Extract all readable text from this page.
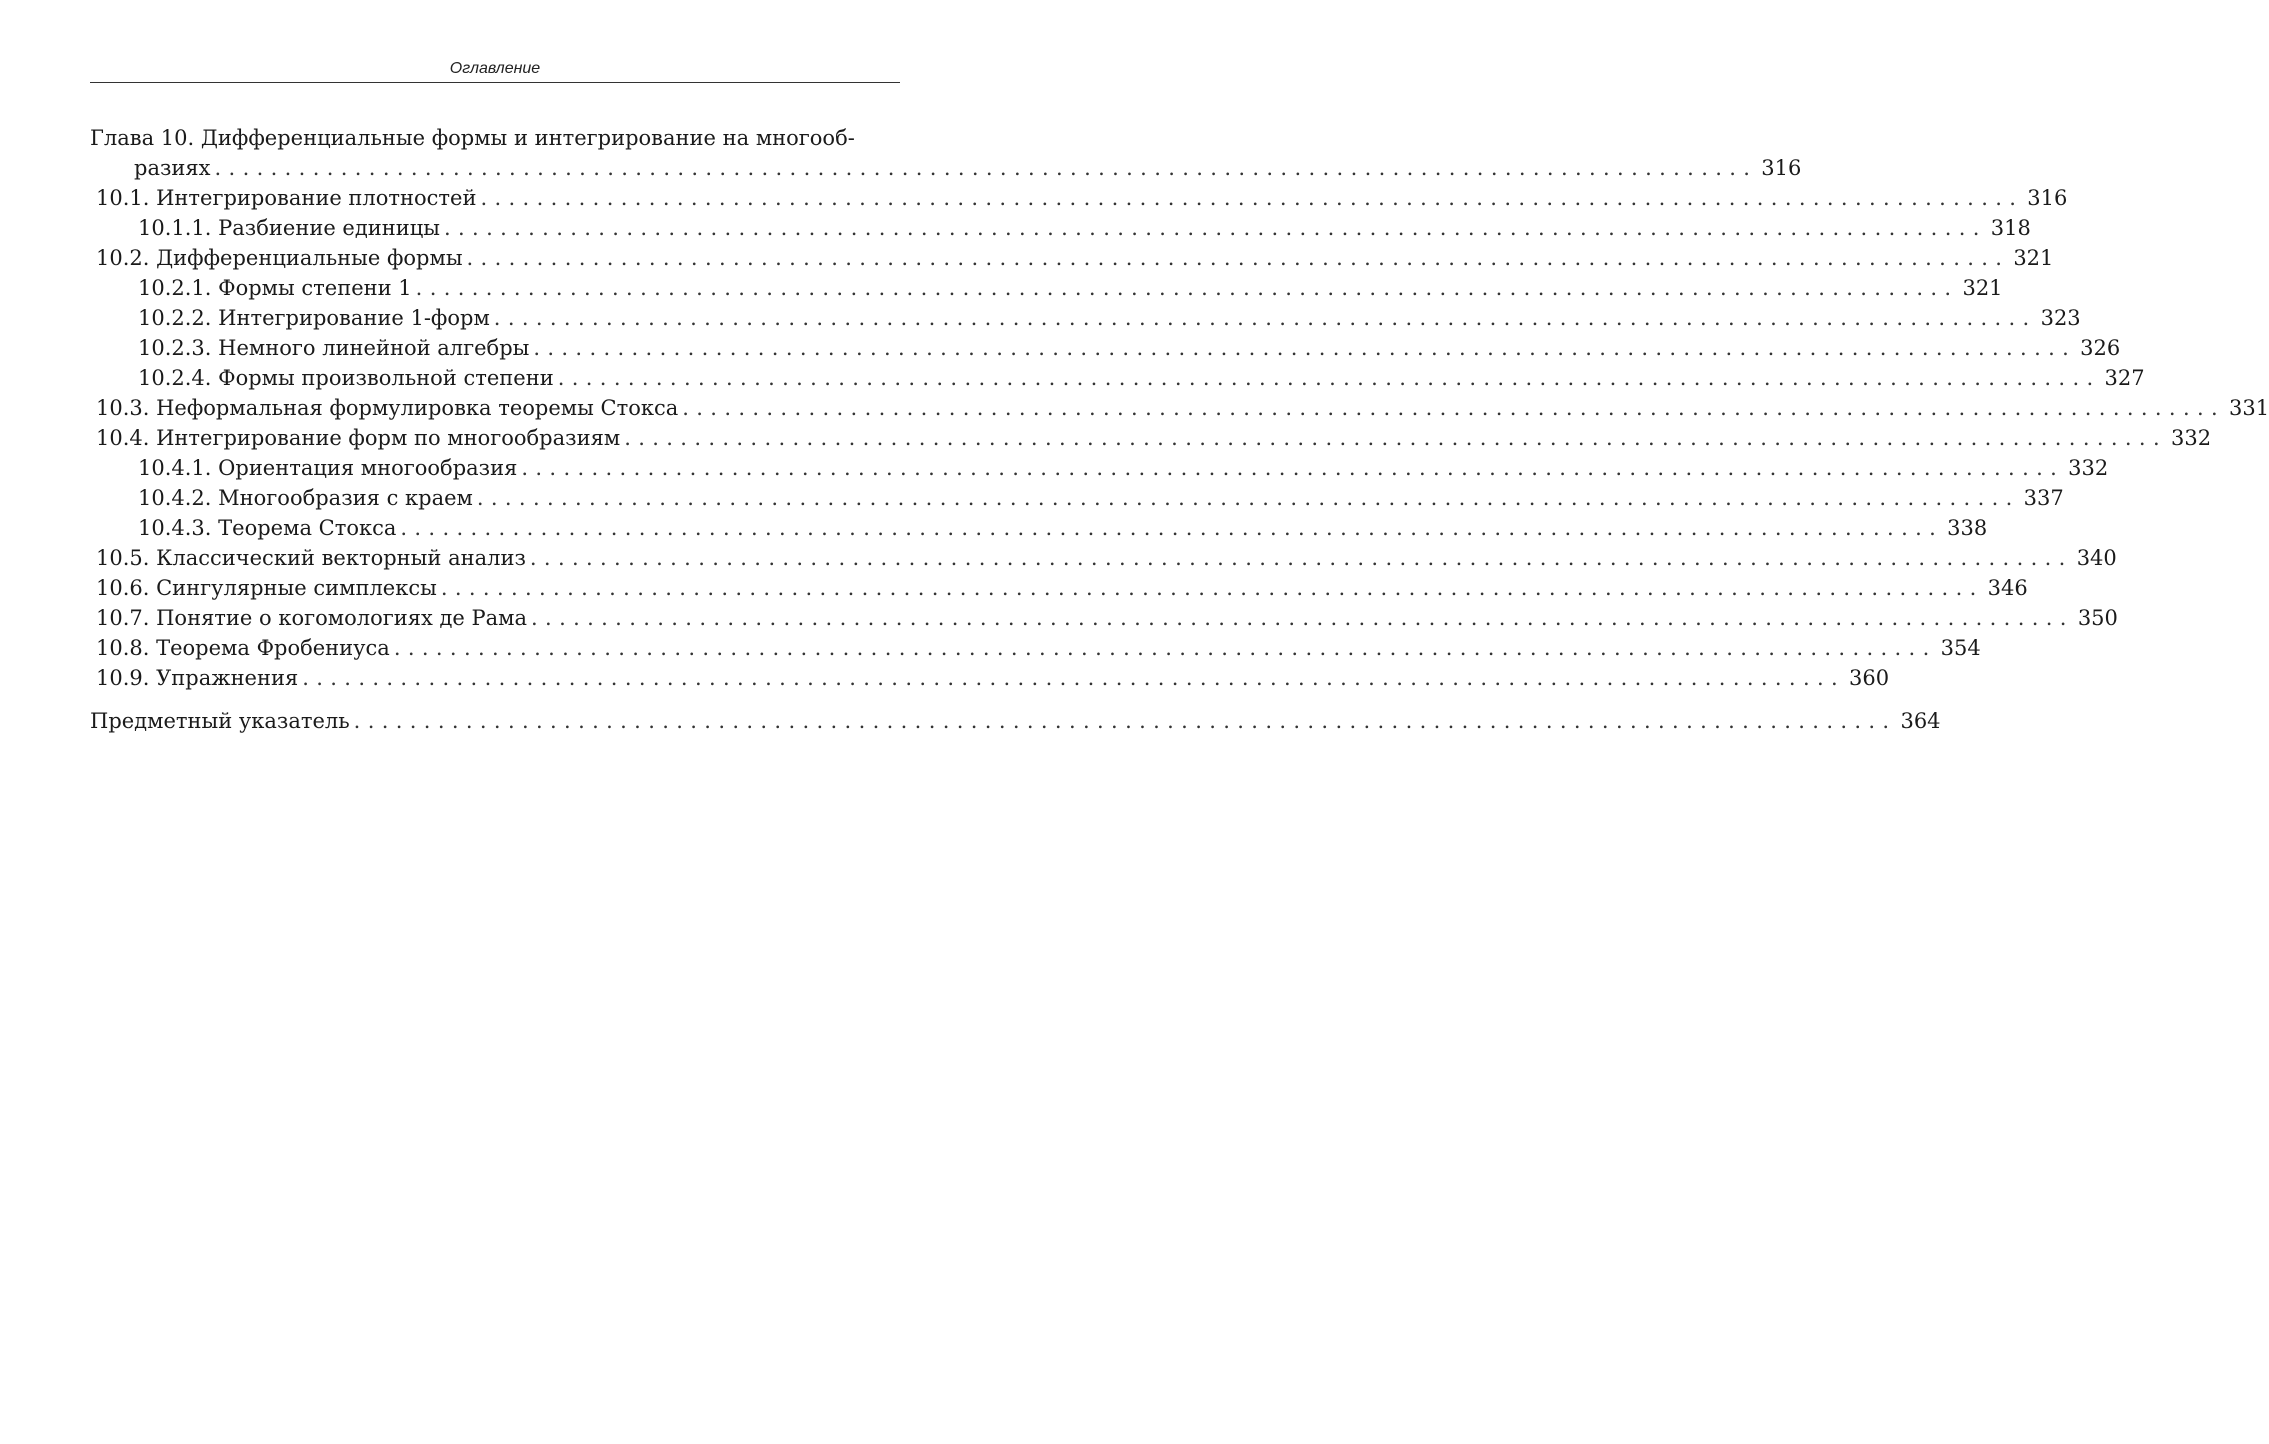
Оглавление
Глава 10. Дифференциальные формы и интегрирование на многооб-
разиях .............................................................................................................. 316
10.1. Интегрирование плотностей .............................................................................................................. 316
10.1.1. Разбиение единицы .............................................................................................................. 318
10.2. Дифференциальные формы .............................................................................................................. 321
10.2.1. Формы степени 1 .............................................................................................................. 321
10.2.2. Интегрирование 1-форм .............................................................................................................. 323
10.2.3. Немного линейной алгебры .............................................................................................................. 326
10.2.4. Формы произвольной степени .............................................................................................................. 327
10.3. Неформальная формулировка теоремы Стокса .............................................................................................................. 331
10.4. Интегрирование форм по многообразиям .............................................................................................................. 332
10.4.1. Ориентация многообразия .............................................................................................................. 332
10.4.2. Многообразия с краем .............................................................................................................. 337
10.4.3. Теорема Стокса .............................................................................................................. 338
10.5. Классический векторный анализ .............................................................................................................. 340
10.6. Сингулярные симплексы .............................................................................................................. 346
10.7. Понятие о когомологиях де Рама .............................................................................................................. 350
10.8. Теорема Фробениуса .............................................................................................................. 354
10.9. Упражнения .............................................................................................................. 360
Предметный указатель .............................................................................................................. 364
